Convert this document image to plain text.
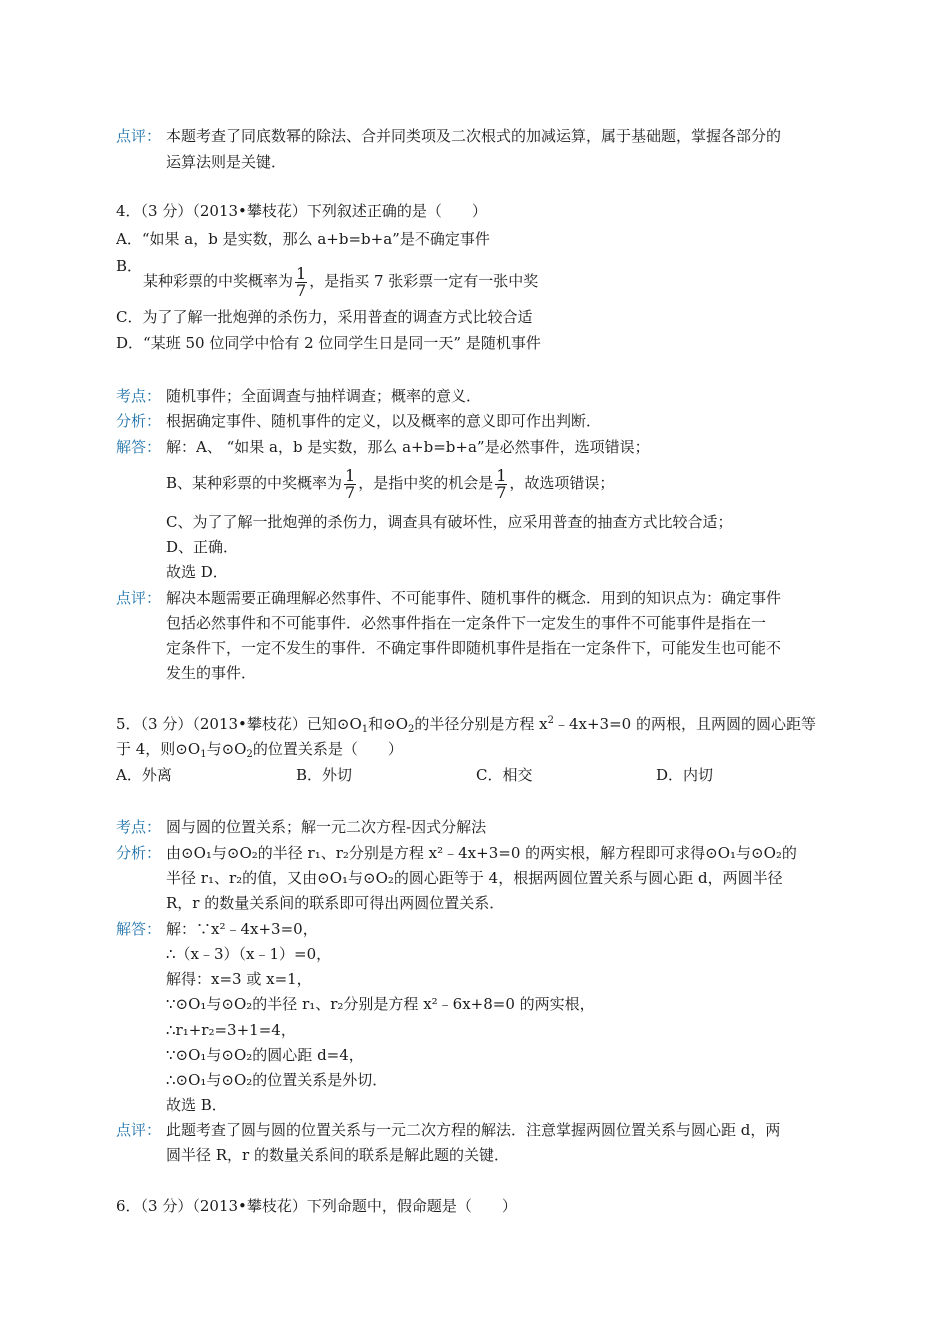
点评： 本题考查了同底数幂的除法、合并同类项及二次根式的加减运算，属于基础题，掌握各部分的
运算法则是关键．
4．（3 分）（2013•攀枝花）下列叙述正确的是（　　）
A．“如果 a，b 是实数，那么 a+b=b+a”是不确定事件
B．
某种彩票的中奖概率为 $\frac{1}{7}$ ，是指买 7 张彩票一定有一张中奖
C．为了了解一批炮弹的杀伤力，采用普查的调查方式比较合适
D．“某班 50 位同学中恰有 2 位同学生日是同一天” 是随机事件
考点： 随机事件；全面调查与抽样调查；概率的意义．
分析： 根据确定事件、随机事件的定义，以及概率的意义即可作出判断．
解答： 解：A、 “如果 a，b 是实数，那么 a+b=b+a”是必然事件，选项错误；
B、某种彩票的中奖概率为 $\frac{1}{7}$ ，是指中奖的机会是 $\frac{1}{7}$ ，故选项错误；
C、为了了解一批炮弹的杀伤力，调查具有破坏性，应采用普查的抽查方式比较合适；
D、正确．
故选 D．
点评： 解决本题需要正确理解必然事件、不可能事件、随机事件的概念．用到的知识点为：确定事件
包括必然事件和不可能事件．必然事件指在一定条件下一定发生的事件不可能事件是指在一
定条件下，一定不发生的事件．不确定事件即随机事件是指在一定条件下，可能发生也可能不
发生的事件．
5．（3 分）（2013•攀枝花）已知$⊙O_1$和$⊙O_2$的半径分别是方程 $x^2﹣4x+3=0$ 的两根，且两圆的圆心距等
于 4，则$⊙O_1$与$⊙O_2$的位置关系是（　　）
A．外离	B．外切	C．相交	D．内切
考点： 圆与圆的位置关系；解一元二次方程-因式分解法
分析： 由⊙O₁与⊙O₂的半径 r₁、r₂分别是方程 x²﹣4x+3=0 的两实根，解方程即可求得⊙O₁与⊙O₂的
半径 r₁、r₂的值，又由⊙O₁与⊙O₂的圆心距等于 4，根据两圆位置关系与圆心距 d，两圆半径
R，r 的数量关系间的联系即可得出两圆位置关系．
解答： 解：∵x²﹣4x+3=0，
∴（x﹣3）（x﹣1）=0，
解得：x=3 或 x=1，
∵⊙O₁与⊙O₂的半径 r₁、r₂分别是方程 x²﹣6x+8=0 的两实根，
∴r₁+r₂=3+1=4，
∵⊙O₁与⊙O₂的圆心距 d=4，
∴⊙O₁与⊙O₂的位置关系是外切．
故选 B．
点评： 此题考查了圆与圆的位置关系与一元二次方程的解法．注意掌握两圆位置关系与圆心距 d，两
圆半径 R，r 的数量关系间的联系是解此题的关键．
6．（3 分）（2013•攀枝花）下列命题中，假命题是（　　）
